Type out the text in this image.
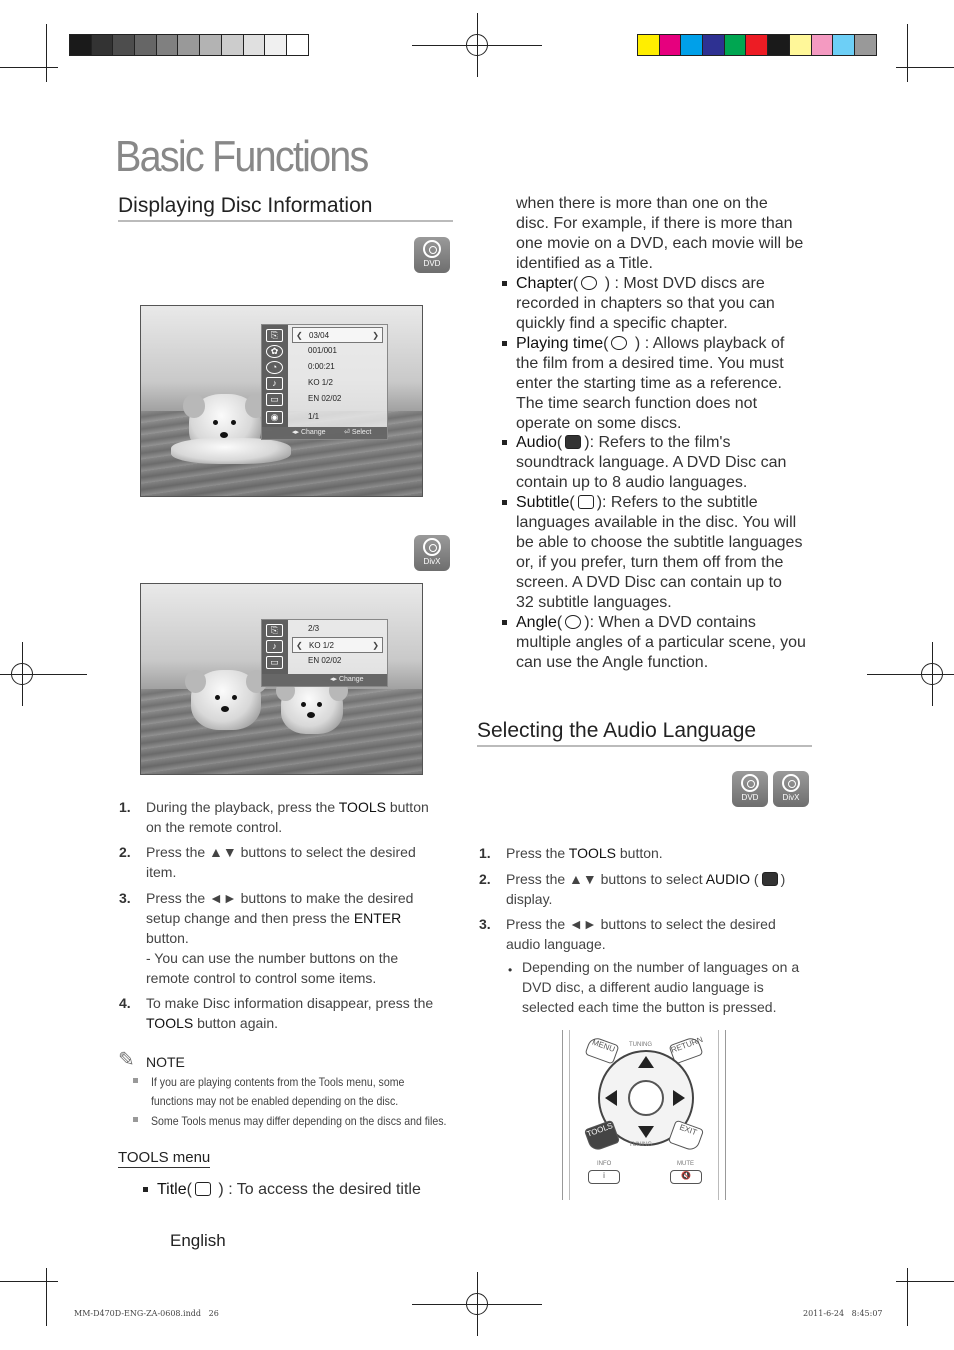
Basic Functions
Displaying Disc Information
DVD
⎘
✿
◔
♪
▭
◉
❮ 03/04	❯
001/001
0:00:21
KO 1/2
EN 02/02
1/1
◂▸ Change	⏎ Select
DivX
⎘
♪
▭
2/3
❮ KO 1/2	❯
EN 02/02
◂▸ Change
1. During the playback, press the TOOLS button
on the remote control.
2. Press the ▲▼ buttons to select the desired
item.
3. Press the ◄► buttons to make the desired
setup change and then press the ENTER
button.
- You can use the number buttons on the
remote control to control some items.
4. To make Disc information disappear, press the
TOOLS button again.
✎ NOTE
If you are playing contents from the Tools menu, some
functions may not be enabled depending on the disc.
Some Tools menus may differ depending on the discs and files.
TOOLS menu
Title( ) : To access the desired title
when there is more than one on the
disc. For example, if there is more than
one movie on a DVD, each movie will be
identified as a Title.
Chapter( ) : Most DVD discs are
recorded in chapters so that you can
quickly find a specific chapter.
Playing time( ) : Allows playback of
the film from a desired time. You must
enter the starting time as a reference.
The time search function does not
operate on some discs.
Audio( ): Refers to the film's
soundtrack language. A DVD Disc can
contain up to 8 audio languages.
Subtitle( ): Refers to the subtitle
languages available in the disc. You will
be able to choose the subtitle languages
or, if you prefer, turn them off from the
screen. A DVD Disc can contain up to
32 subtitle languages.
Angle( ): When a DVD contains
multiple angles of a particular scene, you
can use the Angle function.
Selecting the Audio Language
DVD	DivX
1. Press the TOOLS button.
2. Press the ▲▼ buttons to select AUDIO ( )
display.
3. Press the ◄► buttons to select the desired
audio language.
• Depending on the number of languages on a
DVD disc, a different audio language is
selected each time the button is pressed.
MENU	RETURN
TUNING
TOOLS	EXIT
TUNING
INFO	MUTE
i	🔇
English
MM-D470D-ENG-ZA-0608.indd   26	2011-6-24   8:45:07
